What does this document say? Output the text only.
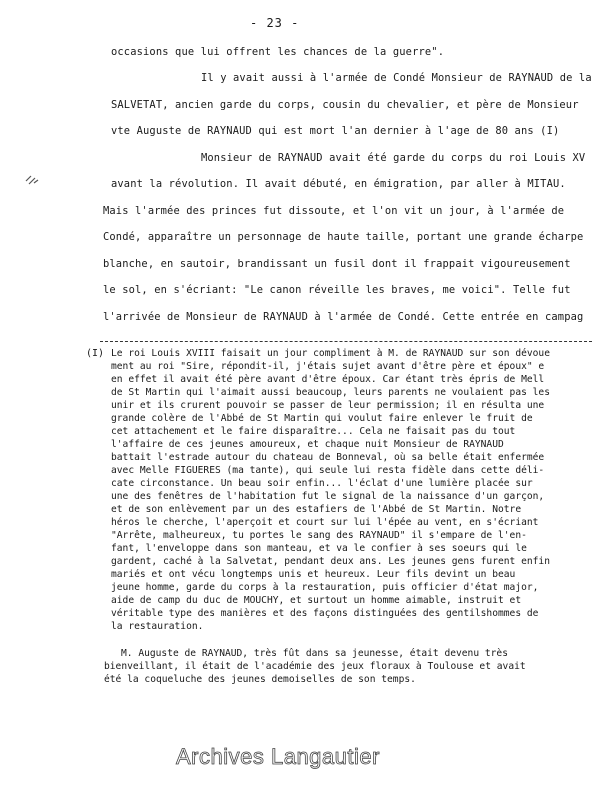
- 23 -
occasions que lui offrent les chances de la guerre".
Il y avait aussi à l'armée de Condé Monsieur de RAYNAUD de la
SALVETAT, ancien garde du corps, cousin du chevalier, et père de Monsieur
vte Auguste de RAYNAUD qui est mort l'an dernier à l'age de 80 ans (I)
Monsieur de RAYNAUD avait été garde du corps du roi Louis XV
avant la révolution. Il avait débuté, en émigration, par aller à MITAU.
Mais l'armée des princes fut dissoute, et l'on vit un jour, à l'armée de
Condé, apparaître un personnage de haute taille, portant une grande écharpe
blanche, en sautoir, brandissant un fusil dont il frappait vigoureusement
le sol, en s'écriant: "Le canon réveille les braves, me voici". Telle fut
l'arrivée de Monsieur de RAYNAUD à l'armée de Condé. Cette entrée en campag
(I) Le roi Louis XVIII faisait un jour compliment à M. de RAYNAUD sur son dévoue
ment au roi "Sire, répondit-il, j'étais sujet avant d'être père et époux" e
en effet il avait été père avant d'être époux. Car étant très épris de Mell
de St Martin qui l'aimait aussi beaucoup, leurs parents ne voulaient pas les
unir et ils crurent pouvoir se passer de leur permission; il en résulta une
grande colère de l'Abbé de St Martin qui voulut faire enlever le fruit de
cet attachement et le faire disparaître... Cela ne faisait pas du tout
l'affaire de ces jeunes amoureux, et chaque nuit Monsieur de RAYNAUD
battait l'estrade autour du chateau de Bonneval, où sa belle était enfermée
avec Melle FIGUERES (ma tante), qui seule lui resta fidèle dans cette déli-
cate circonstance. Un beau soir enfin... l'éclat d'une lumière placée sur
une des fenêtres de l'habitation fut le signal de la naissance d'un garçon,
et de son enlèvement par un des estafiers de l'Abbé de St Martin. Notre
héros le cherche, l'aperçoit et court sur lui l'épée au vent, en s'écriant
"Arrête, malheureux, tu portes le sang des RAYNAUD" il s'empare de l'en-
fant, l'enveloppe dans son manteau, et va le confier à ses soeurs qui le
gardent, caché à la Salvetat, pendant deux ans. Les jeunes gens furent enfin
mariés et ont vécu longtemps unis et heureux. Leur fils devint un beau
jeune homme, garde du corps à la restauration, puis officier d'état major,
aide de camp du duc de MOUCHY, et surtout un homme aimable, instruit et
véritable type des manières et des façons distinguées des gentilshommes de
la restauration.
M. Auguste de RAYNAUD, très fût dans sa jeunesse, était devenu très
bienveillant, il était de l'académie des jeux floraux à Toulouse et avait
été la coqueluche des jeunes demoiselles de son temps.
Archives Langautier
